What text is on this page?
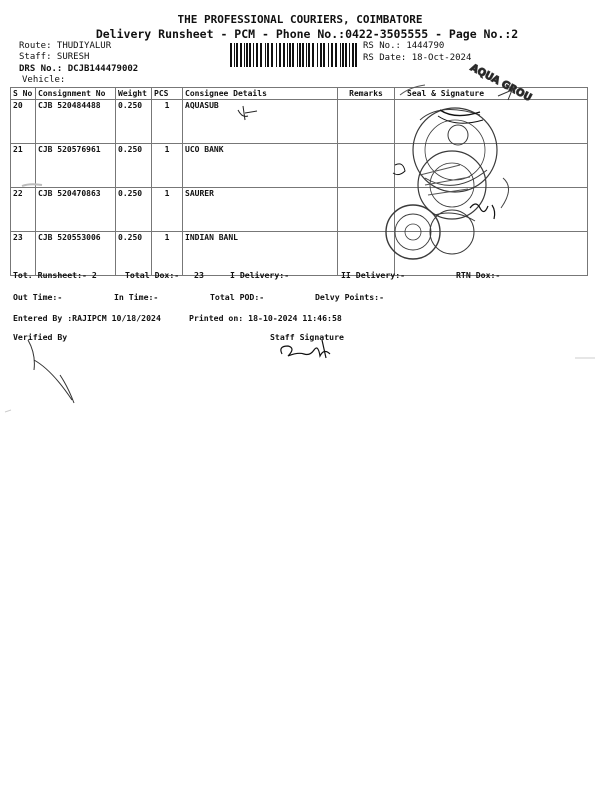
THE PROFESSIONAL COURIERS, COIMBATORE
Delivery Runsheet - PCM - Phone No.:0422-3505555 - Page No.:2
Route: THUDIYALUR
Staff: SURESH
DRS No.: DCJB144479002
Vehicle:
RS No.: 1444790
RS Date: 18-Oct-2024
S No	Consignment No	Weight	PCS	Consignee Details	Remarks	Seal & Signature
20	CJB 520484488	0.250	1	AQUASUB		
21	CJB 520576961	0.250	1	UCO BANK		
22	CJB 520470863	0.250	1	SAURER		
23	CJB 520553006	0.250	1	INDIAN BANL		
AQUA GROU
Tot. Runsheet:- 2	Total Dox:-   23	I Delivery:-	II Delivery:-	RTN Dox:-
Out Time:-	In Time:-	Total POD:-	Delvy Points:-
Entered By :RAJIPCM 10/18/2024	Printed on: 18-10-2024 11:46:58
Verified By	Staff Signature
